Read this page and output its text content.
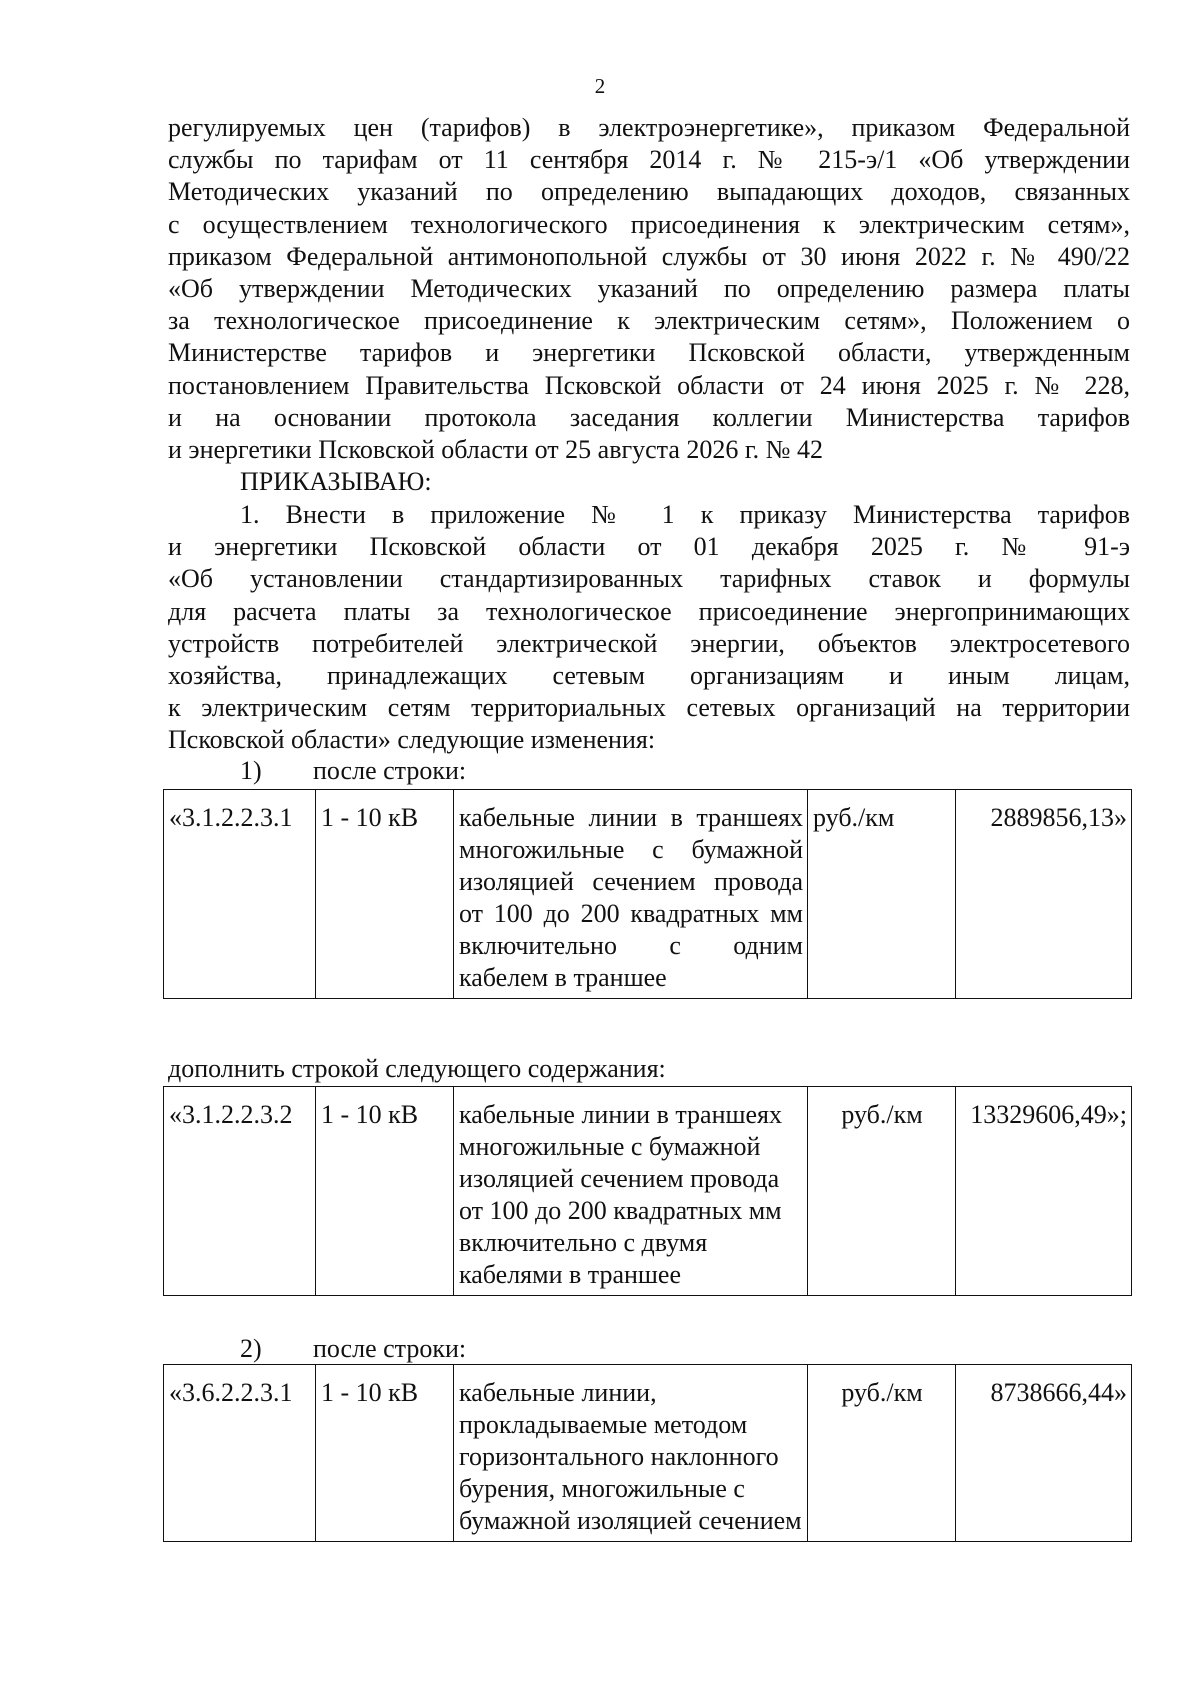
2
регулируемых цен (тарифов) в электроэнергетике», приказом Федеральной
службы по тарифам от 11 сентября 2014 г. № 215-э/1 «Об утверждении
Методических указаний по определению выпадающих доходов, связанных
с осуществлением технологического присоединения к электрическим сетям»,
приказом Федеральной антимонопольной службы от 30 июня 2022 г. № 490/22
«Об утверждении Методических указаний по определению размера платы
за технологическое присоединение к электрическим сетям», Положением о
Министерстве тарифов и энергетики Псковской области, утвержденным
постановлением Правительства Псковской области от 24 июня 2025 г. № 228,
и на основании протокола заседания коллегии Министерства тарифов
и энергетики Псковской области от 25 августа 2026 г. № 42
ПРИКАЗЫВАЮ:
1. Внести в приложение № 1 к приказу Министерства тарифов
и энергетики Псковской области от 01 декабря 2025 г. № 91-э
«Об установлении стандартизированных тарифных ставок и формулы
для расчета платы за технологическое присоединение энергопринимающих
устройств потребителей электрической энергии, объектов электросетевого
хозяйства, принадлежащих сетевым организациям и иным лицам,
к электрическим сетям территориальных сетевых организаций на территории
Псковской области» следующие изменения:
1) после строки:
«3.1.2.2.3.1	1 - 10 кВ	кабельные линии в траншеях многожильные с бумажной изоляцией сечением провода от 100 до 200 квадратных мм включительно с одним кабелем в траншее	руб./км	2889856,13»
дополнить строкой следующего содержания:
«3.1.2.2.3.2	1 - 10 кВ	кабельные линии в траншеях многожильные с бумажной изоляцией сечением провода от 100 до 200 квадратных мм включительно с двумя кабелями в траншее	руб./км	13329606,49»;
2) после строки:
«3.6.2.2.3.1	1 - 10 кВ	кабельные линии, прокладываемые методом горизонтального наклонного бурения, многожильные с бумажной изоляцией сечением	руб./км	8738666,44»
